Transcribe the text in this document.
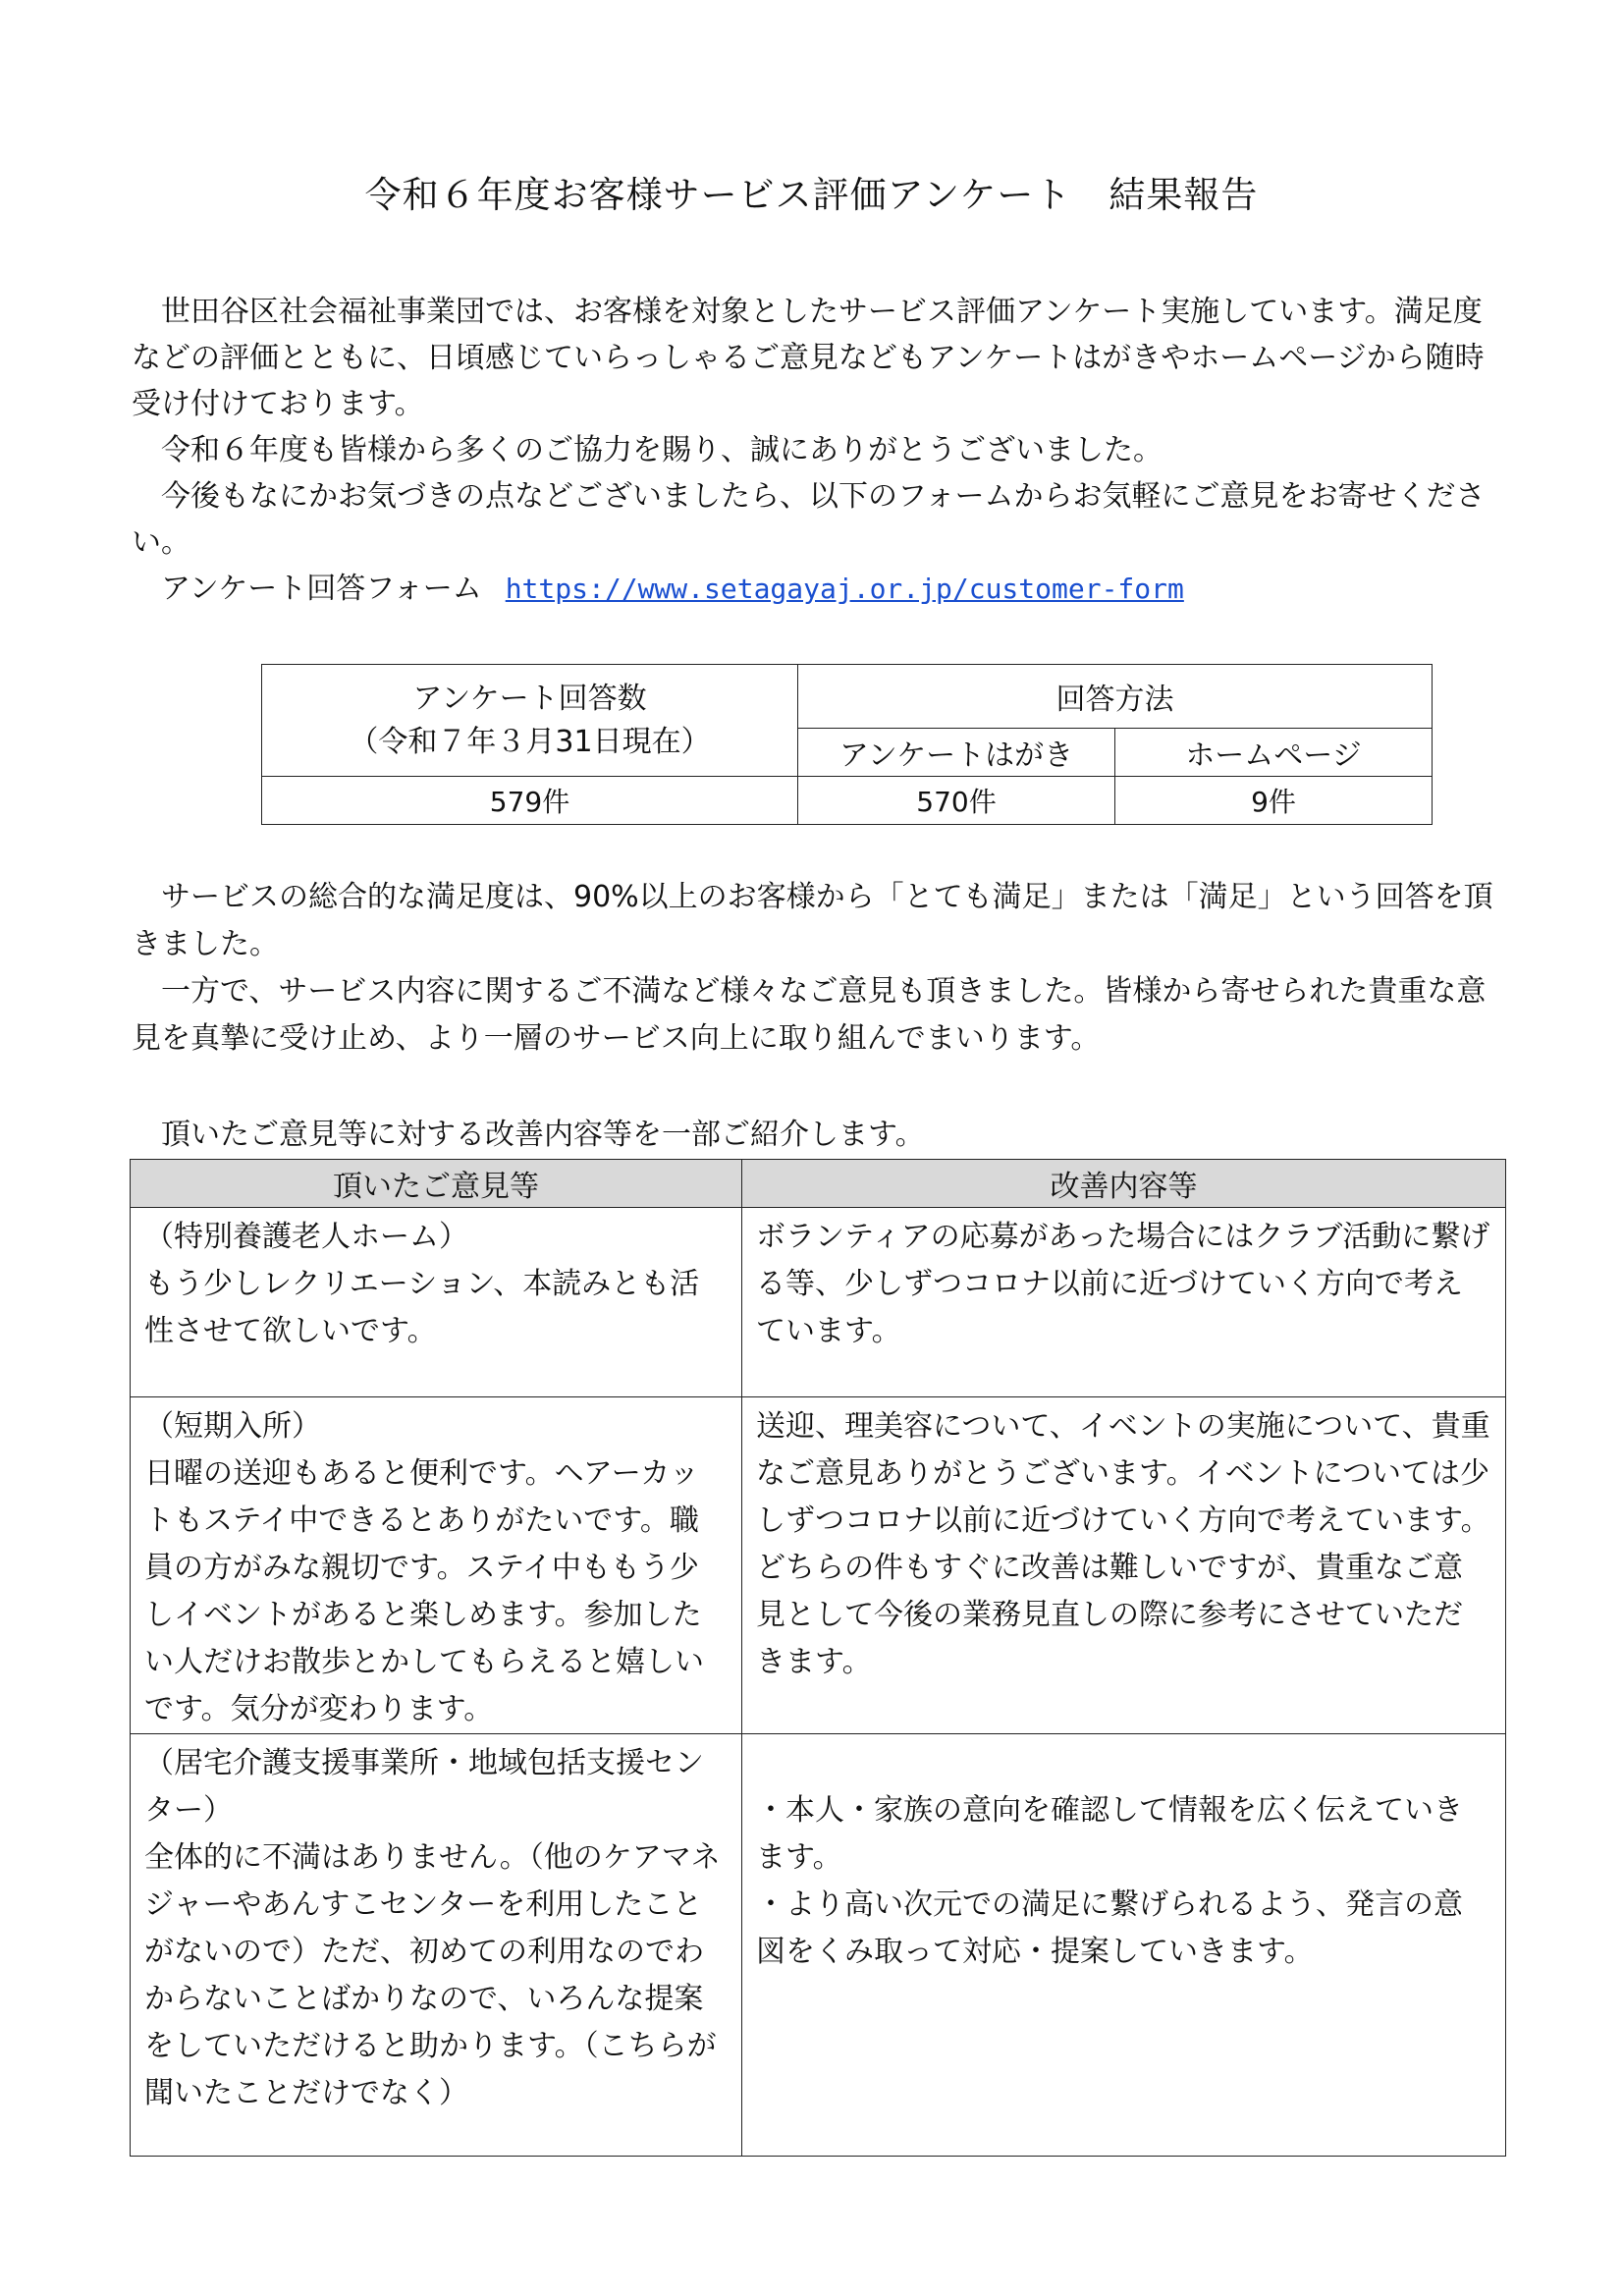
令和６年度お客様サービス評価アンケート　結果報告

世田谷区社会福祉事業団では、お客様を対象としたサービス評価アンケート実施しています。満足度などの評価とともに、日頃感じていらっしゃるご意見などもアンケートはがきやホームページから随時受け付けております。

令和６年度も皆様から多くのご協力を賜り、誠にありがとうございました。

今後もなにかお気づきの点などございましたら、以下のフォームからお気軽にご意見をお寄せください。

アンケート回答フォーム https://www.setagayaj.or.jp/customer-form

アンケート回答数
（令和７年３月31日現在）	回答方法	
	アンケートはがき	ホームページ
579件	570件	9件

サービスの総合的な満足度は、90%以上のお客様から「とても満足」または「満足」という回答を頂きました。

一方で、サービス内容に関するご不満など様々なご意見も頂きました。皆様から寄せられた貴重な意見を真摯に受け止め、より一層のサービス向上に取り組んでまいります。

頂いたご意見等に対する改善内容等を一部ご紹介します。
頂いたご意見等	改善内容等

（特別養護老人ホーム）
もう少しレクリエーション、本読みとも活性させて欲しいです。	ボランティアの応募があった場合にはクラブ活動に繋げる等、少しずつコロナ以前に近づけていく方向で考えています。

（短期入所）
日曜の送迎もあると便利です。ヘアーカットもステイ中できるとありがたいです。職員の方がみな親切です。ステイ中ももう少しイベントがあると楽しめます。参加したい人だけお散歩とかしてもらえると嬉しいです。気分が変わります。	送迎、理美容について、イベントの実施について、貴重なご意見ありがとうございます。イベントについては少しずつコロナ以前に近づけていく方向で考えています。どちらの件もすぐに改善は難しいですが、貴重なご意見として今後の業務見直しの際に参考にさせていただきます。

（居宅介護支援事業所・地域包括支援センター）
全体的に不満はありません。（他のケアマネジャーやあんすこセンターを利用したことがないので）ただ、初めての利用なのでわからないことばかりなので、いろんな提案をしていただけると助かります。（こちらが聞いたことだけでなく）	・本人・家族の意向を確認して情報を広く伝えていきます。
・より高い次元での満足に繋げられるよう、発言の意図をくみ取って対応・提案していきます。
